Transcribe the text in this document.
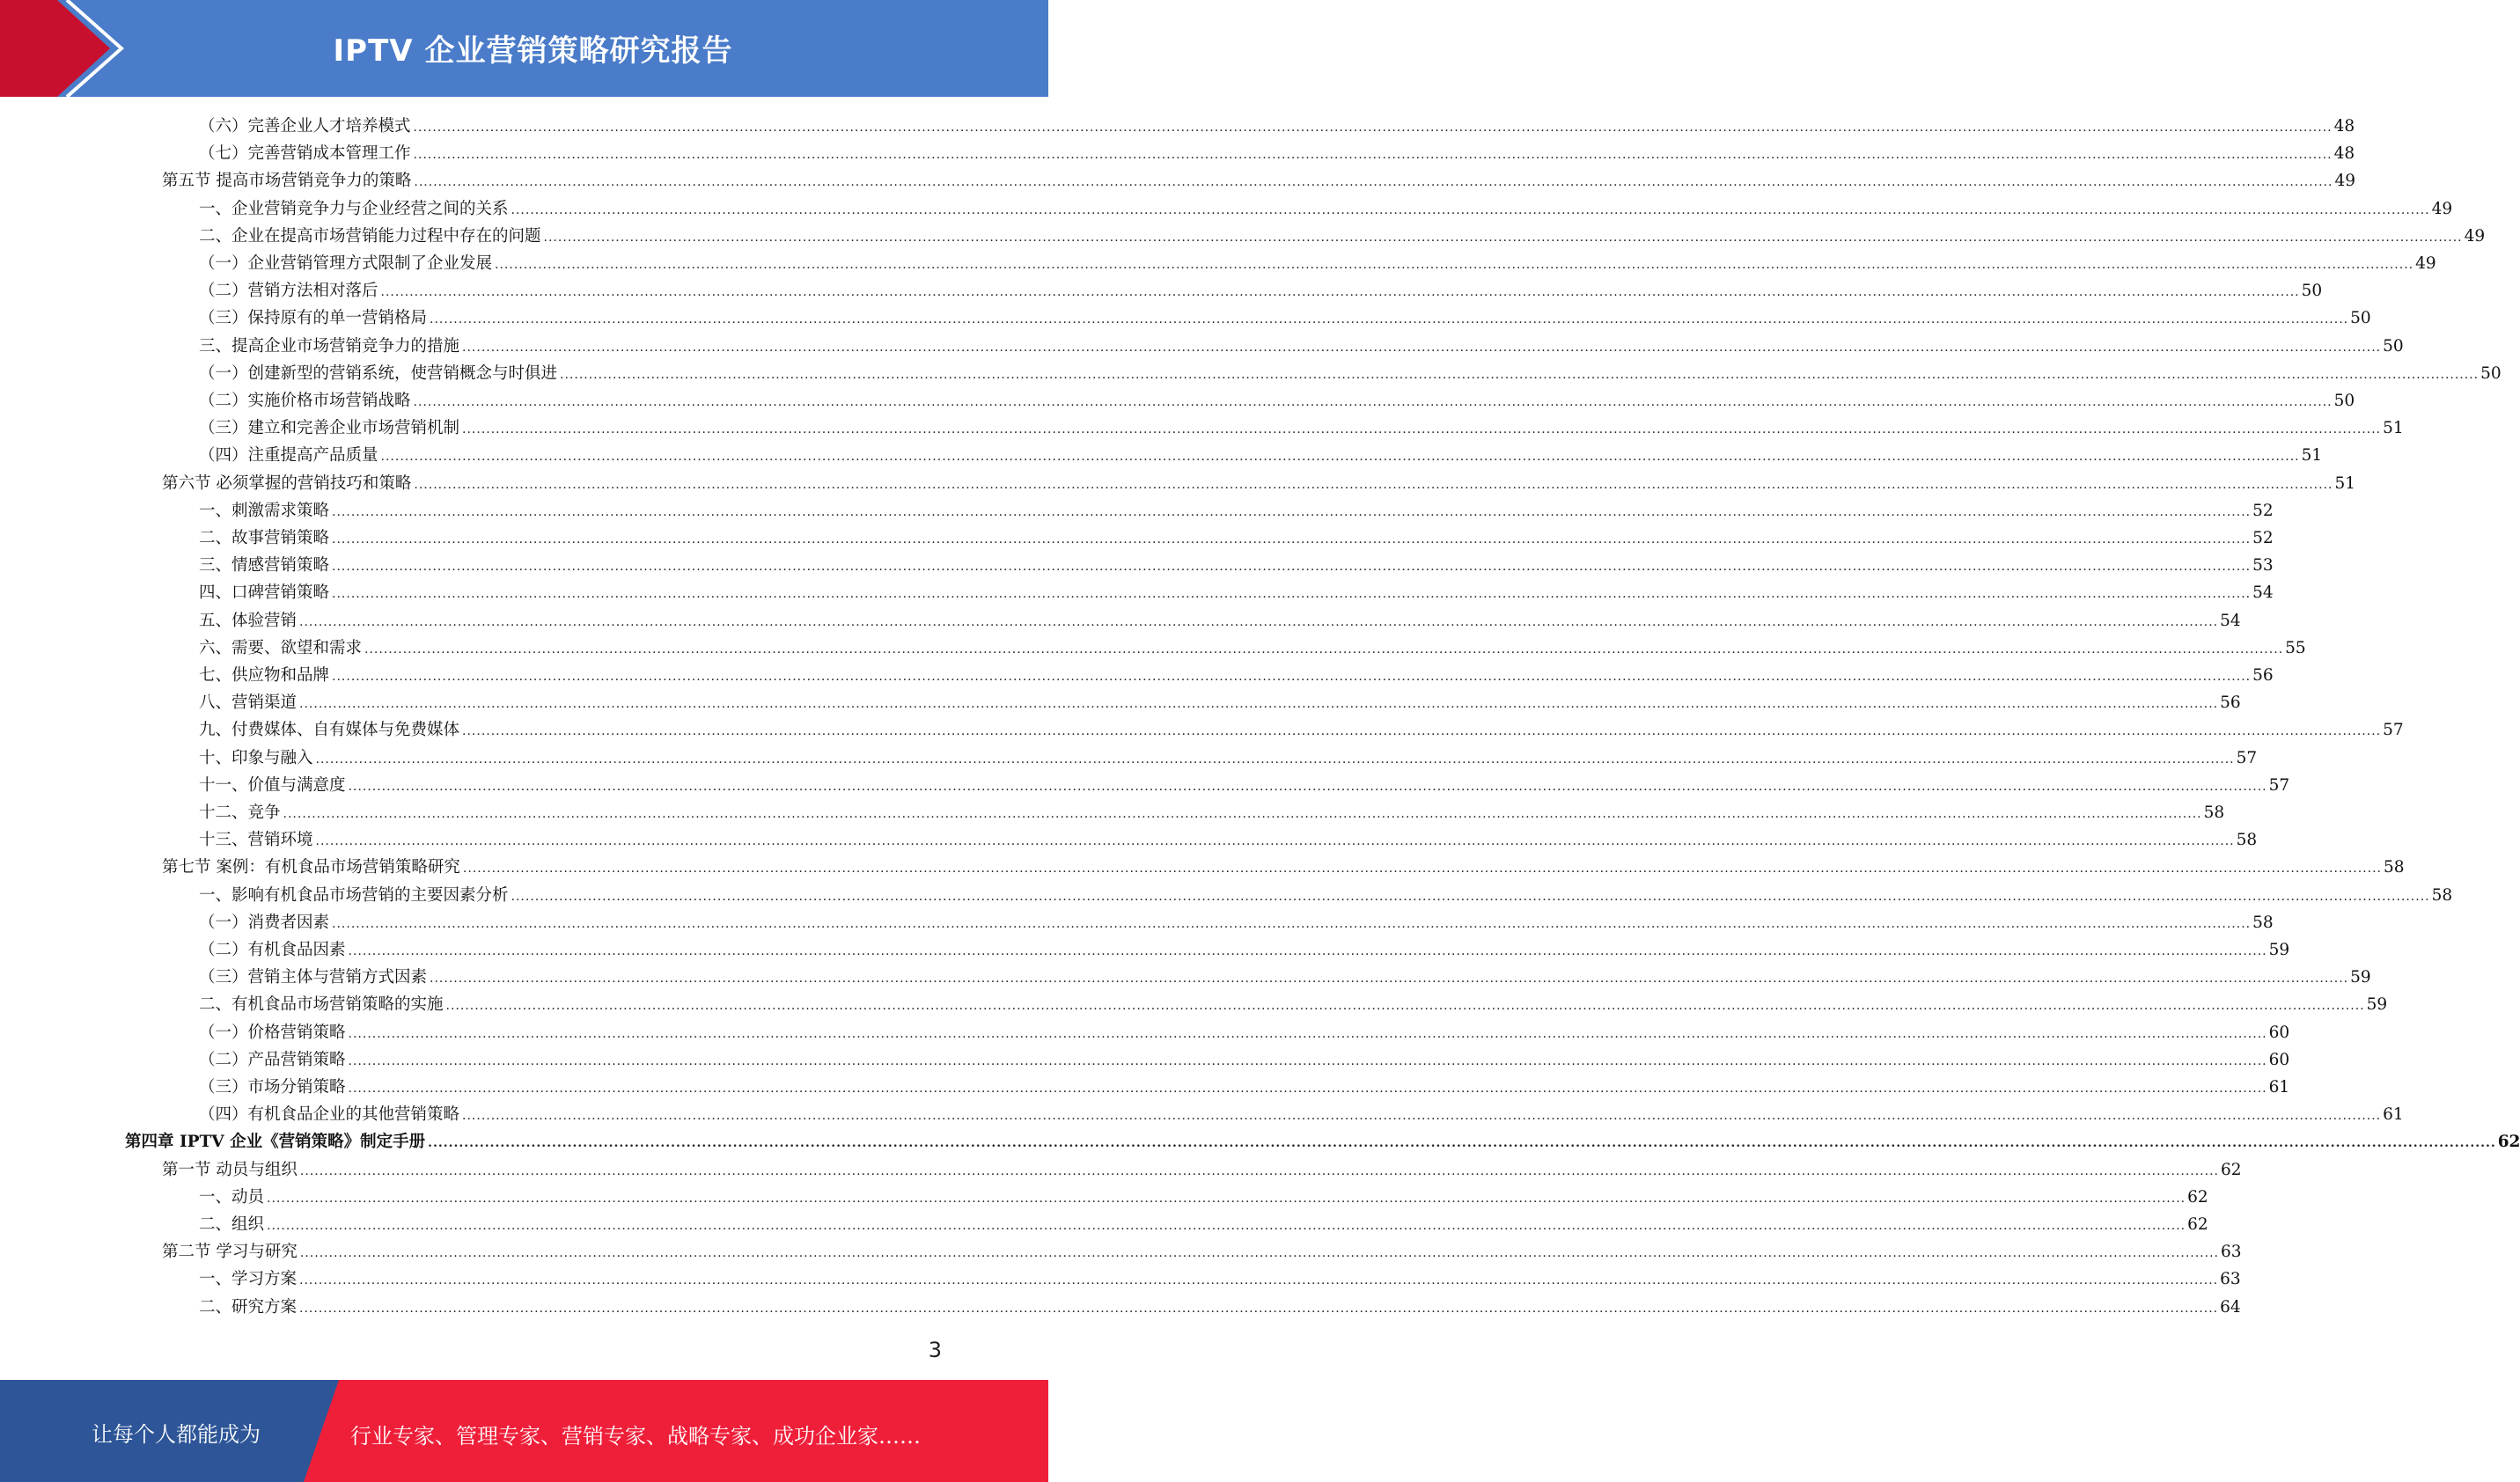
IPTV 企业营销策略研究报告
（六）完善企业人才培养模式 ................................................................................................................................................................................................................................................................................................................................................................................................................ 48
（七）完善营销成本管理工作 ................................................................................................................................................................................................................................................................................................................................................................................................................ 48
第五节 提高市场营销竞争力的策略 ................................................................................................................................................................................................................................................................................................................................................................................................................ 49
一、企业营销竞争力与企业经营之间的关系 ................................................................................................................................................................................................................................................................................................................................................................................................................ 49
二、企业在提高市场营销能力过程中存在的问题 ................................................................................................................................................................................................................................................................................................................................................................................................................ 49
（一）企业营销管理方式限制了企业发展 ................................................................................................................................................................................................................................................................................................................................................................................................................ 49
（二）营销方法相对落后 ................................................................................................................................................................................................................................................................................................................................................................................................................ 50
（三）保持原有的单一营销格局 ................................................................................................................................................................................................................................................................................................................................................................................................................ 50
三、提高企业市场营销竞争力的措施 ................................................................................................................................................................................................................................................................................................................................................................................................................ 50
（一）创建新型的营销系统，使营销概念与时俱进 ................................................................................................................................................................................................................................................................................................................................................................................................................ 50
（二）实施价格市场营销战略 ................................................................................................................................................................................................................................................................................................................................................................................................................ 50
（三）建立和完善企业市场营销机制 ................................................................................................................................................................................................................................................................................................................................................................................................................ 51
（四）注重提高产品质量 ................................................................................................................................................................................................................................................................................................................................................................................................................ 51
第六节 必须掌握的营销技巧和策略 ................................................................................................................................................................................................................................................................................................................................................................................................................ 51
一、刺激需求策略 ................................................................................................................................................................................................................................................................................................................................................................................................................ 52
二、故事营销策略 ................................................................................................................................................................................................................................................................................................................................................................................................................ 52
三、情感营销策略 ................................................................................................................................................................................................................................................................................................................................................................................................................ 53
四、口碑营销策略 ................................................................................................................................................................................................................................................................................................................................................................................................................ 54
五、体验营销 ................................................................................................................................................................................................................................................................................................................................................................................................................ 54
六、需要、欲望和需求 ................................................................................................................................................................................................................................................................................................................................................................................................................ 55
七、供应物和品牌 ................................................................................................................................................................................................................................................................................................................................................................................................................ 56
八、营销渠道 ................................................................................................................................................................................................................................................................................................................................................................................................................ 56
九、付费媒体、自有媒体与免费媒体 ................................................................................................................................................................................................................................................................................................................................................................................................................ 57
十、印象与融入 ................................................................................................................................................................................................................................................................................................................................................................................................................ 57
十一、价值与满意度 ................................................................................................................................................................................................................................................................................................................................................................................................................ 57
十二、竞争 ................................................................................................................................................................................................................................................................................................................................................................................................................ 58
十三、营销环境 ................................................................................................................................................................................................................................................................................................................................................................................................................ 58
第七节 案例：有机食品市场营销策略研究 ................................................................................................................................................................................................................................................................................................................................................................................................................ 58
一、影响有机食品市场营销的主要因素分析 ................................................................................................................................................................................................................................................................................................................................................................................................................ 58
（一）消费者因素 ................................................................................................................................................................................................................................................................................................................................................................................................................ 58
（二）有机食品因素 ................................................................................................................................................................................................................................................................................................................................................................................................................ 59
（三）营销主体与营销方式因素 ................................................................................................................................................................................................................................................................................................................................................................................................................ 59
二、有机食品市场营销策略的实施 ................................................................................................................................................................................................................................................................................................................................................................................................................ 59
（一）价格营销策略 ................................................................................................................................................................................................................................................................................................................................................................................................................ 60
（二）产品营销策略 ................................................................................................................................................................................................................................................................................................................................................................................................................ 60
（三）市场分销策略 ................................................................................................................................................................................................................................................................................................................................................................................................................ 61
（四）有机食品企业的其他营销策略 ................................................................................................................................................................................................................................................................................................................................................................................................................ 61
第四章 IPTV 企业《营销策略》制定手册 ................................................................................................................................................................................................................................................................................................................................................................................................................ 62
第一节 动员与组织 ................................................................................................................................................................................................................................................................................................................................................................................................................ 62
一、动员 ................................................................................................................................................................................................................................................................................................................................................................................................................ 62
二、组织 ................................................................................................................................................................................................................................................................................................................................................................................................................ 62
第二节 学习与研究 ................................................................................................................................................................................................................................................................................................................................................................................................................ 63
一、学习方案 ................................................................................................................................................................................................................................................................................................................................................................................................................ 63
二、研究方案 ................................................................................................................................................................................................................................................................................................................................................................................................................ 64
3
让每个人都能成为	行业专家、管理专家、营销专家、战略专家、成功企业家……
